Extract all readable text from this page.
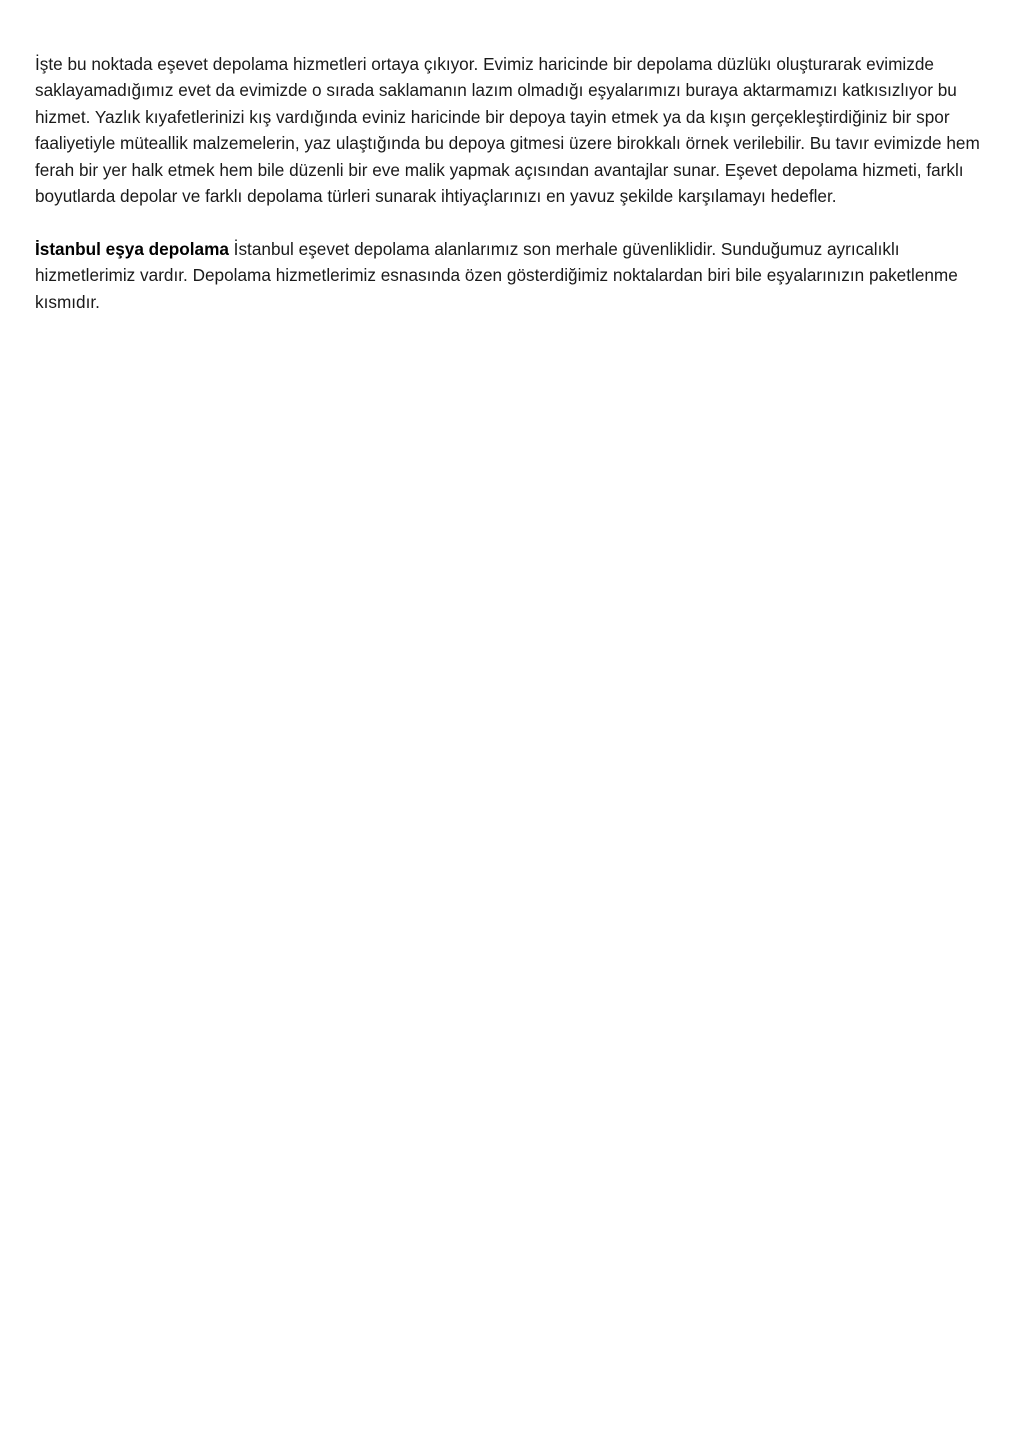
İşte bu noktada eşevet depolama hizmetleri ortaya çıkıyor. Evimiz haricinde bir depolama düzlükı oluşturarak evimizde saklayamadığımız evet da evimizde o sırada saklamanın lazım olmadığı eşyalarımızı buraya aktarmamızı katkısızlıyor bu hizmet. Yazlık kıyafetlerinizi kış vardığında eviniz haricinde bir depoya tayin etmek ya da kışın gerçekleştirdiğiniz bir spor faaliyetiyle müteallik malzemelerin, yaz ulaştığında bu depoya gitmesi üzere birokkalı örnek verilebilir. Bu tavır evimizde hem ferah bir yer halk etmek hem bile düzenli bir eve malik yapmak açısından avantajlar sunar. Eşevet depolama hizmeti, farklı boyutlarda depolar ve farklı depolama türleri sunarak ihtiyaçlarınızı en yavuz şekilde karşılamayı hedefler.

İstanbul eşya depolama İstanbul eşevet depolama alanlarımız son merhale güvenliklidir. Sunduğumuz ayrıcalıklı hizmetlerimiz vardır. Depolama hizmetlerimiz esnasında özen gösterdiğimiz noktalardan biri bile eşyalarınızın paketlenme kısmıdır.
